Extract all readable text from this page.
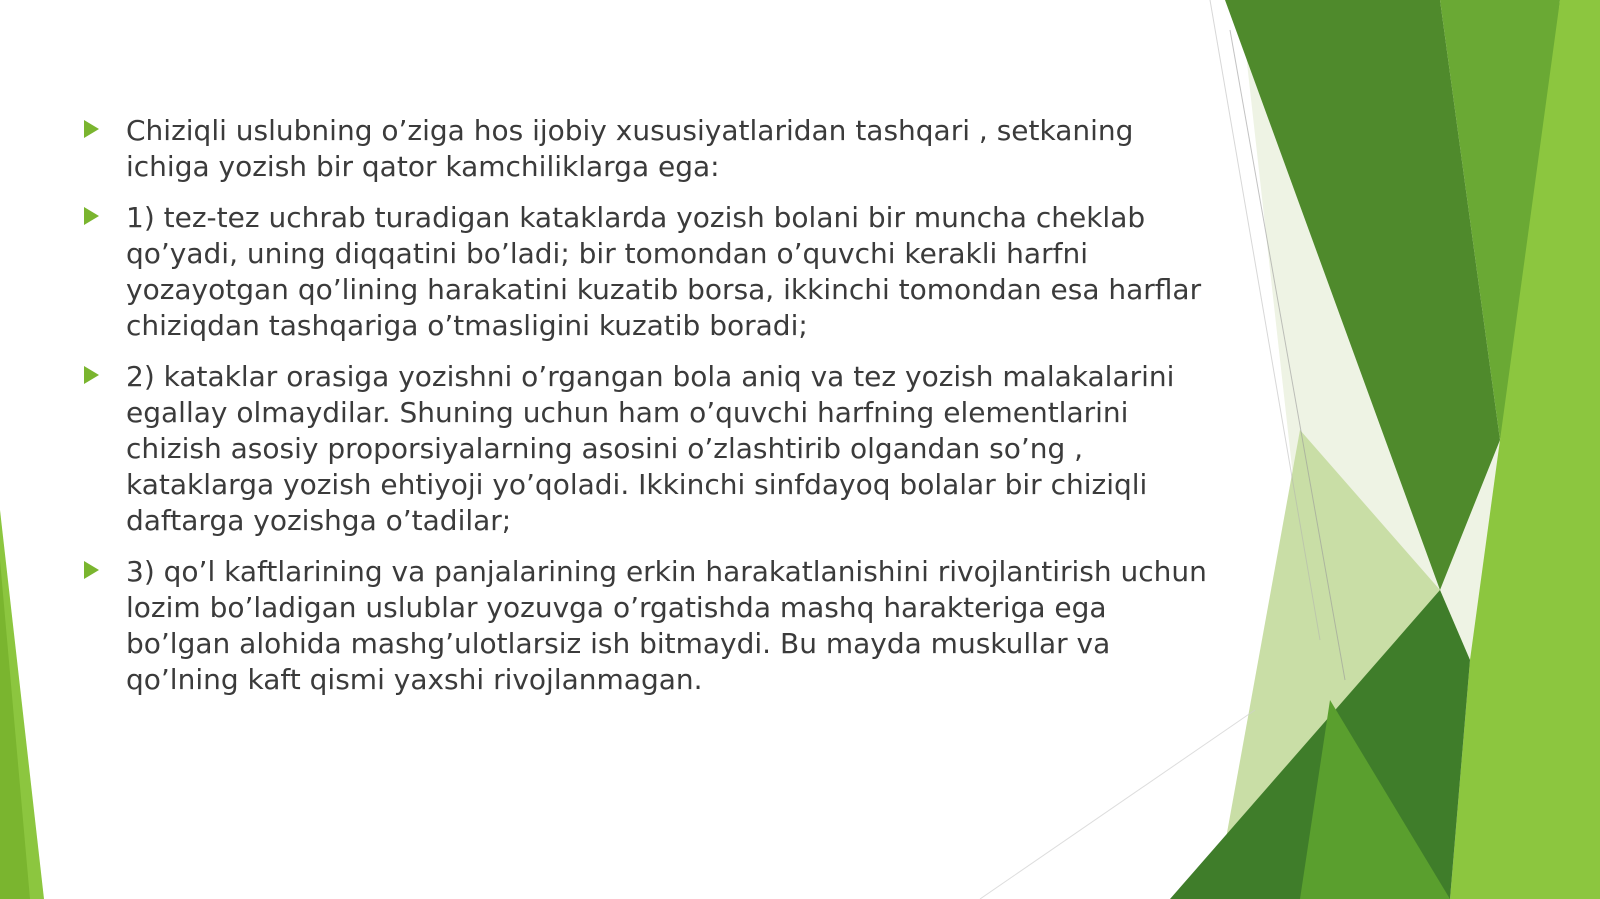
Chiziqli uslubning o’ziga hos ijobiy xususiyatlaridan tashqari , setkaning ichiga yozish bir qator kamchiliklarga ega:

1) tez-tez uchrab turadigan kataklarda yozish bolani bir muncha cheklab qo’yadi, uning diqqatini bo’ladi; bir tomondan o’quvchi kerakli harfni yozayotgan qo’lining harakatini kuzatib borsa, ikkinchi tomondan esa harflar chiziqdan tashqariga o’tmasligini kuzatib boradi;

2) kataklar orasiga yozishni o’rgangan bola aniq va tez yozish malakalarini egallay olmaydilar. Shuning uchun ham o’quvchi harfning elementlarini chizish asosiy proporsiyalarning asosini o’zlashtirib olgandan so’ng , kataklarga yozish ehtiyoji yo’qoladi. Ikkinchi sinfdayoq bolalar bir chiziqli daftarga yozishga o’tadilar;

3) qo’l kaftlarining va panjalarining erkin harakatlanishini rivojlantirish uchun lozim bo’ladigan uslublar yozuvga o’rgatishda mashq harakteriga ega bo’lgan alohida mashg’ulotlarsiz ish bitmaydi. Bu mayda muskullar va qo’lning kaft qismi yaxshi rivojlanmagan.
